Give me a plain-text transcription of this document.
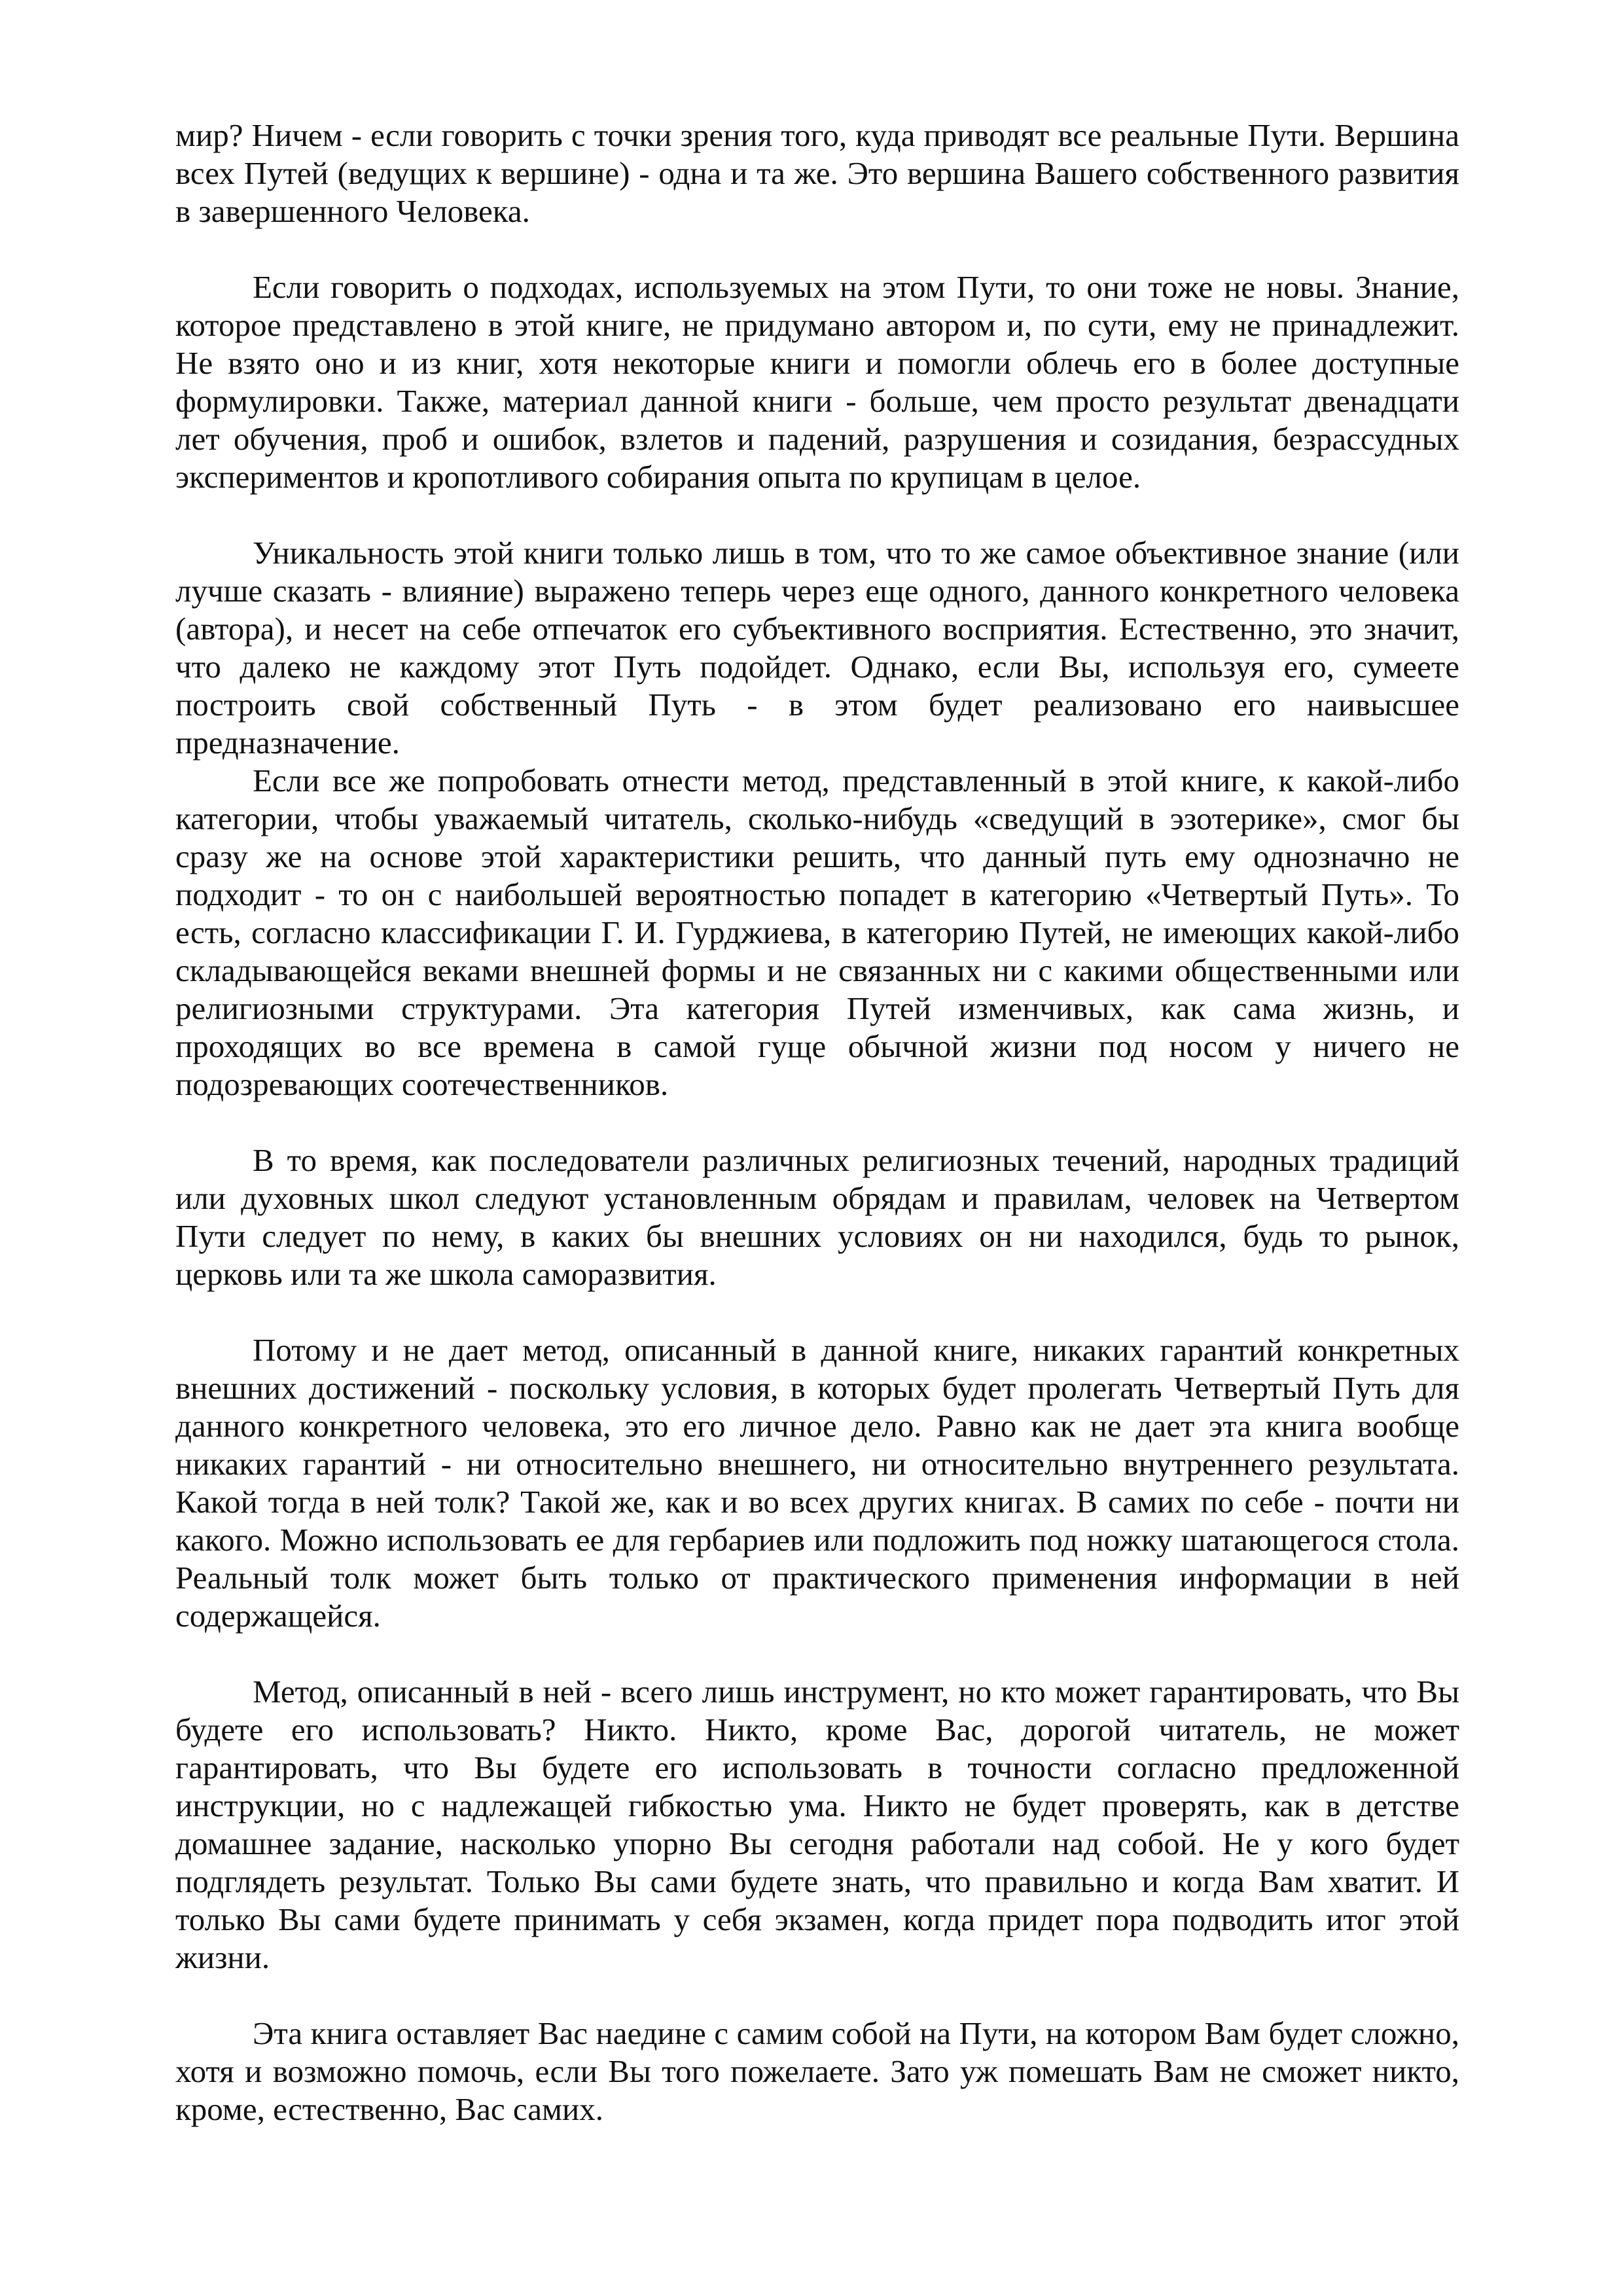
мир? Ничем - если говорить с точки зрения того, куда приводят все реальные Пути. Вершина всех Путей (ведущих к вершине) - одна и та же. Это вершина Вашего собственного развития в завершенного Человека.

Если говорить о подходах, используемых на этом Пути, то они тоже не новы. Знание, которое представлено в этой книге, не придумано автором и, по сути, ему не принадлежит. Не взято оно и из книг, хотя некоторые книги и помогли облечь его в более доступные формулировки. Также, материал данной книги - больше, чем просто результат двенадцати лет обучения, проб и ошибок, взлетов и падений, разрушения и созидания, безрассудных экспериментов и кропотливого собирания опыта по крупицам в целое.

Уникальность этой книги только лишь в том, что то же самое объективное знание (или лучше сказать - влияние) выражено теперь через еще одного, данного конкретного человека (автора), и несет на себе отпечаток его субъективного восприятия. Естественно, это значит, что далеко не каждому этот Путь подойдет. Однако, если Вы, используя его, сумеете построить свой собственный Путь - в этом будет реализовано его наивысшее предназначение.

Если все же попробовать отнести метод, представленный в этой книге, к какой-либо категории, чтобы уважаемый читатель, сколько-нибудь «сведущий в эзотерике», смог бы сразу же на основе этой характеристики решить, что данный путь ему однозначно не подходит - то он с наибольшей вероятностью попадет в категорию «Четвертый Путь». То есть, согласно классификации Г. И. Гурджиева, в категорию Путей, не имеющих какой-либо складывающейся веками внешней формы и не связанных ни с какими общественными или религиозными структурами. Эта категория Путей изменчивых, как сама жизнь, и проходящих во все времена в самой гуще обычной жизни под носом у ничего не подозревающих соотечественников.

В то время, как последователи различных религиозных течений, народных традиций или духовных школ следуют установленным обрядам и правилам, человек на Четвертом Пути следует по нему, в каких бы внешних условиях он ни находился, будь то рынок, церковь или та же школа саморазвития.

Потому и не дает метод, описанный в данной книге, никаких гарантий конкретных внешних достижений - поскольку условия, в которых будет пролегать Четвертый Путь для данного конкретного человека, это его личное дело. Равно как не дает эта книга вообще никаких гарантий - ни относительно внешнего, ни относительно внутреннего результата. Какой тогда в ней толк? Такой же, как и во всех других книгах. В самих по себе - почти ни какого. Можно использовать ее для гербариев или подложить под ножку шатающегося стола. Реальный толк может быть только от практического применения информации в ней содержащейся.

Метод, описанный в ней - всего лишь инструмент, но кто может гарантировать, что Вы будете его использовать? Никто. Никто, кроме Вас, дорогой читатель, не может гарантировать, что Вы будете его использовать в точности согласно предложенной инструкции, но с надлежащей гибкостью ума. Никто не будет проверять, как в детстве домашнее задание, насколько упорно Вы сегодня работали над собой. Не у кого будет подглядеть результат. Только Вы сами будете знать, что правильно и когда Вам хватит. И только Вы сами будете принимать у себя экзамен, когда придет пора подводить итог этой жизни.

Эта книга оставляет Вас наедине с самим собой на Пути, на котором Вам будет сложно, хотя и возможно помочь, если Вы того пожелаете. Зато уж помешать Вам не сможет никто, кроме, естественно, Вас самих.
